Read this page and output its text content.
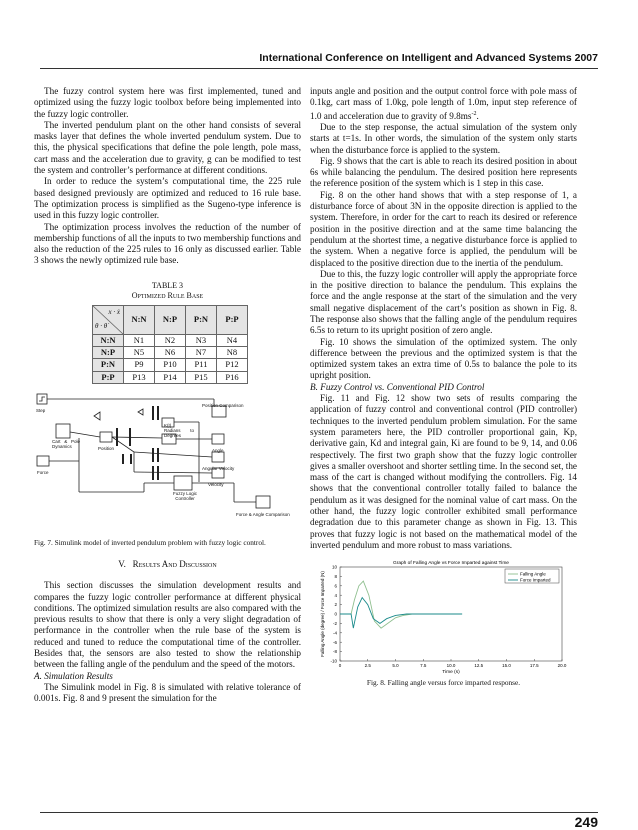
International Conference on Intelligent and Advanced Systems 2007

The fuzzy control system here was first implemented, tuned and optimized using the fuzzy logic toolbox before being implemented into the fuzzy logic controller.

The inverted pendulum plant on the other hand consists of several masks layer that defines the whole inverted pendulum system. Due to this, the physical specifications that define the pole length, pole mass, cart mass and the acceleration due to gravity, g can be modified to test the system and controller’s performance at different conditions.

In order to reduce the system’s computational time, the 225 rule based designed previously are optimized and reduced to 16 rule base. The optimization process is simplified as the Sugeno-type inference is used in this fuzzy logic controller.

The optimization process involves the reduction of the number of membership functions of all the inputs to two membership functions and also the reduction of the 225 rules to 16 only as discussed earlier. Table 3 shows the newly optimized rule base.

TABLE 3
Optimized Rule Base
x · ẋ
θ · θ̇	N:N	N:P	P:N	P:P
N:N	N1	N2	N3	N4
N:P	N5	N6	N7	N8
P:N	P9	P10	P11	P12
P:P	P13	P14	P15	P16
Step
Cart & Pole Dynamics
Force
Position
Radians to Degrees
K(t)
Angle
Angular Velocity
Velocity
Fuzzy Logic Controller
Position Comparison
Force & Angle Comparison
Fig. 7. Simulink model of inverted pendulum problem with fuzzy logic control.
V. Results And Discussion

This section discusses the simulation development results and compares the fuzzy logic controller performance at different physical conditions. The optimized simulation results are also compared with the previous results to show that there is only a very slight degradation of performance in the controller when the rule base of the system is reduced and tuned to reduce the computational time of the controller. Besides that, the sensors are also tested to show the relationship between the falling angle of the pendulum and the speed of the motors.

A. Simulation Results

The Simulink model in Fig. 8 is simulated with relative tolerance of 0.001s. Fig. 8 and 9 present the simulation for the

inputs angle and position and the output control force with pole mass of 0.1kg, cart mass of 1.0kg, pole length of 1.0m, input step reference of 1.0 and acceleration due to gravity of $9.8ms^{-2}$.

Due to the step response, the actual simulation of the system only starts at t=1s. In other words, the simulation of the system only starts when the disturbance force is applied to the system.

Fig. 9 shows that the cart is able to reach its desired position in about 6s while balancing the pendulum. The desired position here represents the reference position of the system which is 1 step in this case.

Fig. 8 on the other hand shows that with a step response of 1, a disturbance force of about 3N in the opposite direction is applied to the system. Therefore, in order for the cart to reach its desired or reference position in the positive direction and at the same time balancing the pendulum at the shortest time, a negative disturbance force is applied to the system. When a negative force is applied, the pendulum will be displaced to the positive direction due to the inertia of the pendulum.

Due to this, the fuzzy logic controller will apply the appropriate force in the positive direction to balance the pendulum. This explains the force and the angle response at the start of the simulation and the very small negative displacement of the cart’s position as shown in Fig. 8. The response also shows that the falling angle of the pendulum requires 6.5s to return to its upright position of zero angle.

Fig. 10 shows the simulation of the optimized system. The only difference between the previous and the optimized system is that the optimized system takes an extra time of 0.5s to balance the pole to its upright position.

B. Fuzzy Control vs. Conventional PID Control

Fig. 11 and Fig. 12 show two sets of results comparing the application of fuzzy control and conventional control (PID controller) techniques to the inverted pendulum problem simulation. For the same system parameters here, the PID controller proportional gain, Kp, derivative gain, Kd and integral gain, Ki are found to be 9, 14, and 0.06 respectively. The first two graph show that the fuzzy logic controller gives a smaller overshoot and shorter settling time. In the second set, the mass of the cart is changed without modifying the controllers. Fig. 14 shows that the conventional controller totally failed to balance the pendulum as it was designed for the nominal value of cart mass. On the other hand, the fuzzy logic controller exhibited small performance degradation due to this parameter change as shown in Fig. 13. This proves that fuzzy logic is not based on the mathematical model of the inverted pendulum and more robust to mass variations.

Graph of Falling Angle vs Force Imparted against Time
10
8
6
4
2
0
-2
-4
-6
-8
-10
0	2.5	5.0	7.5	10.0	12.5	15.0	17.5	20.0
Time (s)
Falling Angle (degree) / Force Imparted (N)	Falling Angle
Force Imparted
Fig. 8. Falling angle versus force imparted response.
249
